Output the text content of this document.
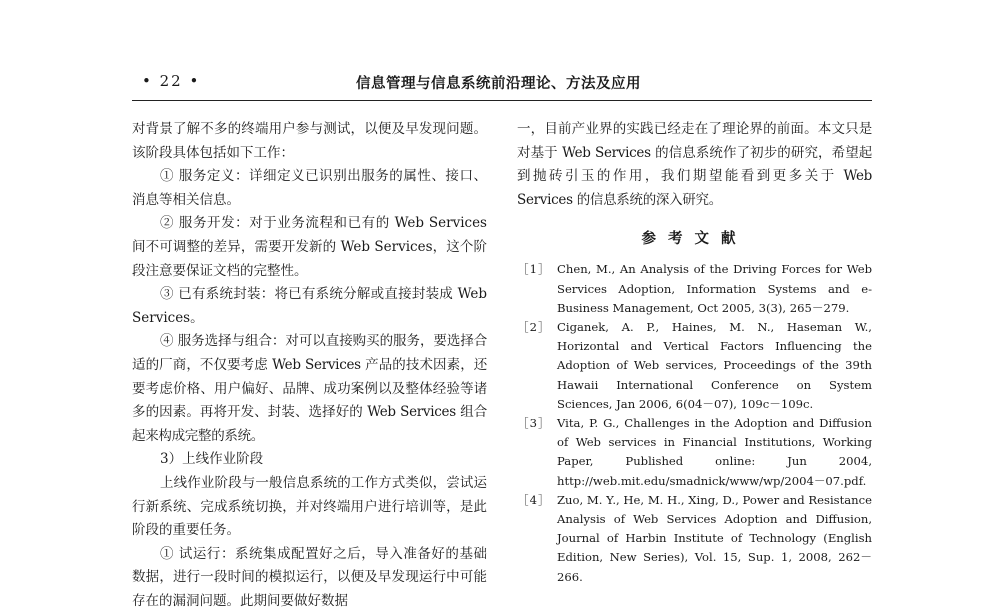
• 22 •	信息管理与信息系统前沿理论、方法及应用

对背景了解不多的终端用户参与测试，以便及早发现问题。该阶段具体包括如下工作：

① 服务定义：详细定义已识别出服务的属性、接口、消息等相关信息。

② 服务开发：对于业务流程和已有的 Web Services 间不可调整的差异，需要开发新的 Web Services，这个阶段注意要保证文档的完整性。

③ 已有系统封装：将已有系统分解或直接封装成 Web Services。

④ 服务选择与组合：对可以直接购买的服务，要选择合适的厂商，不仅要考虑 Web Services 产品的技术因素，还要考虑价格、用户偏好、品牌、成功案例以及整体经验等诸多的因素。再将开发、封装、选择好的 Web Services 组合起来构成完整的系统。

3）上线作业阶段

上线作业阶段与一般信息系统的工作方式类似，尝试运行新系统、完成系统切换，并对终端用户进行培训等，是此阶段的重要任务。

① 试运行：系统集成配置好之后，导入准备好的基础数据，进行一段时间的模拟运行，以便及早发现运行中可能存在的漏洞问题。此期间要做好数据

一，目前产业界的实践已经走在了理论界的前面。本文只是对基于 Web Services 的信息系统作了初步的研究，希望起到抛砖引玉的作用，我们期望能看到更多关于 Web Services 的信息系统的深入研究。

参考文献
［1］ Chen, M., An Analysis of the Driving Forces for Web Services Adoption, Information Systems and e-Business Management, Oct 2005, 3(3), 265－279.
［2］ Ciganek, A. P., Haines, M. N., Haseman W., Horizontal and Vertical Factors Influencing the Adoption of Web services, Proceedings of the 39th Hawaii International Conference on System Sciences, Jan 2006, 6(04－07), 109c－109c.
［3］ Vita, P. G., Challenges in the Adoption and Diffusion of Web services in Financial Institutions, Working Paper, Published online: Jun 2004, http://web.mit.edu/smadnick/www/wp/2004－07.pdf.
［4］ Zuo, M. Y., He, M. H., Xing, D., Power and Resistance Analysis of Web Services Adoption and Diffusion, Journal of Harbin Institute of Technology (English Edition, New Series), Vol. 15, Sup. 1, 2008, 262－266.
